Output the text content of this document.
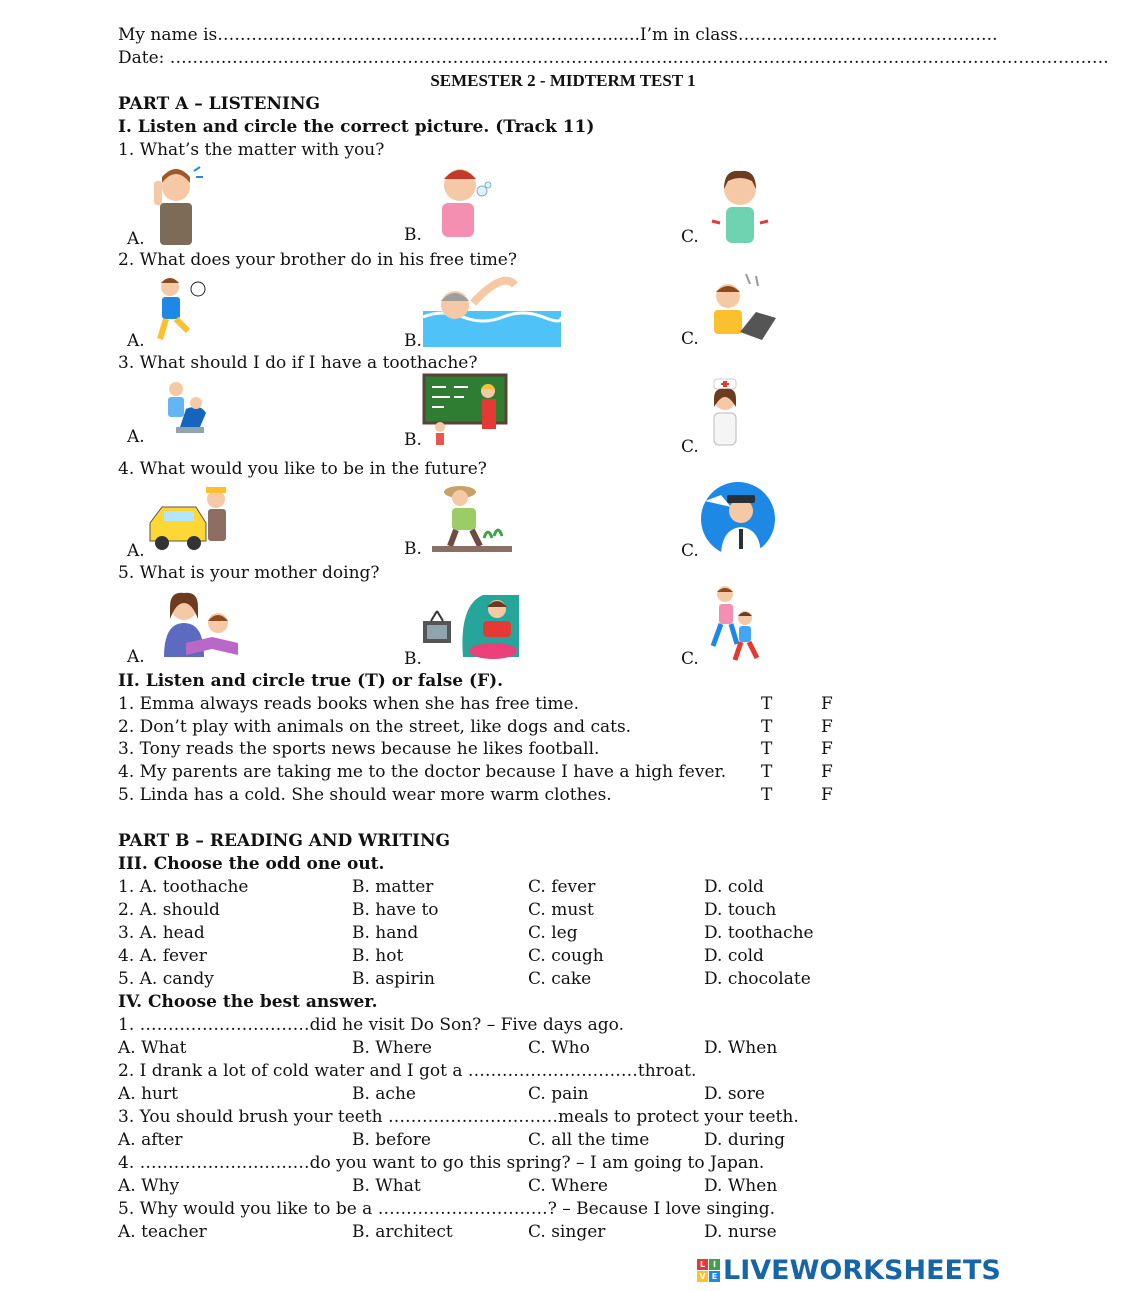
My name is……………………………..……………….……………......I’m in class……………..………………………..
Date: ……………………………..………………..……………………………..………………………………………………………………….
SEMESTER 2 - MIDTERM TEST 1
PART A – LISTENING
I. Listen and circle the correct picture. (Track 11)
1. What’s the matter with you?
A.	B.	C.
2. What does your brother do in his free time?
A.	B.	C.
3. What should I do if I have a toothache?
A.	B.	C.
4. What would you like to be in the future?
A.	B.	C.
5. What is your mother doing?
A.	B.	C.
II. Listen and circle true (T) or false (F).
1. Emma always reads books when she has free time.	T	F
2. Don’t play with animals on the street, like dogs and cats.	T	F
3. Tony reads the sports news because he likes football.	T	F
4. My parents are taking me to the doctor because I have a high fever. T	F
5. Linda has a cold. She should wear more warm clothes.	T	F
PART B – READING AND WRITING
III. Choose the odd one out.
1. A. toothache	B. matter	C. fever	D. cold
2. A. should	B. have to	C. must	D. touch
3. A. head	B. hand	C. leg	D. toothache
4. A. fever	B. hot	C. cough	D. cold
5. A. candy	B. aspirin	C. cake	D. chocolate
IV. Choose the best answer.
1. …………………………did he visit Do Son? – Five days ago.
A. What	B. Where	C. Who	D. When
2. I drank a lot of cold water and I got a …………………………throat.
A. hurt	B. ache	C. pain	D. sore
3. You should brush your teeth …………………………meals to protect your teeth.
A. after	B. before	C. all the time	D. during
4. …………………………do you want to go this spring? – I am going to Japan.
A. Why	B. What	C. Where	D. When
5. Why would you like to be a …………………………? – Because I love singing.
A. teacher	B. architect	C. singer	D. nurse
L I
V E LIVEWORKSHEETS
